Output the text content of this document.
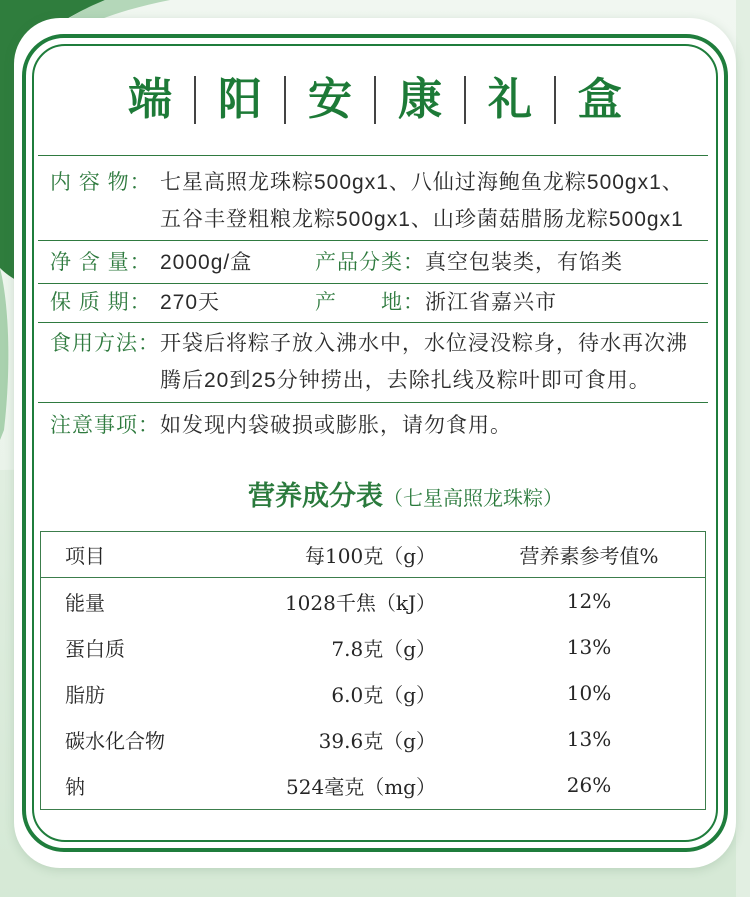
端 阳 安 康 礼 盒
内 容 物： 七星高照龙珠粽500gx1、八仙过海鲍鱼龙粽500gx1、
五谷丰登粗粮龙粽500gx1、山珍菌菇腊肠龙粽500gx1
净 含 量： 2000g/盒	产品分类： 真空包装类，有馅类
保 质 期： 270天	产　　地： 浙江省嘉兴市
食用方法： 开袋后将粽子放入沸水中，水位浸没粽身，待水再次沸
腾后20到25分钟捞出，去除扎线及粽叶即可食用。
注意事项： 如发现内袋破损或膨胀，请勿食用。
营养成分表（七星高照龙珠粽）
项目	每100克（g）	营养素参考值%
能量	1028千焦（kJ）	12%
蛋白质	7.8克（g）	13%
脂肪	6.0克（g）	10%
碳水化合物	39.6克（g）	13%
钠	524毫克（mg）	26%
